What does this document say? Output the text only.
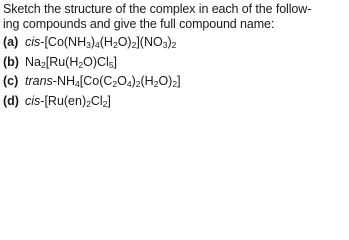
Sketch the structure of the complex in each of the follow-
ing compounds and give the full compound name:

(a) cis-$[Co(NH_3)_4(H_2O)_2](NO_3)_2$
(b) $Na_2[Ru(H_2O)Cl_5]$
(c) trans-$NH_4[Co(C_2O_4)_2(H_2O)_2]$
(d) cis-$[Ru(en)_2Cl_2]$
